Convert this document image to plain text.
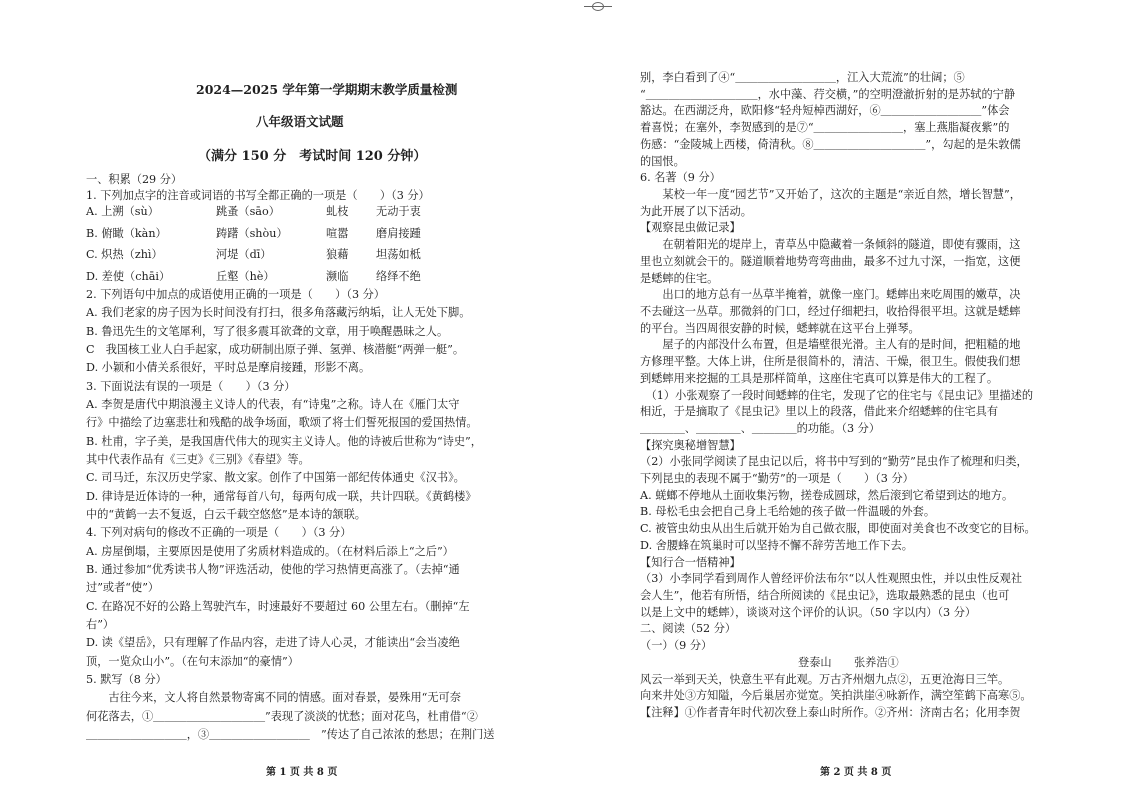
2024—2025 学年第一学期期末教学质量检测
八年级语文试题
（满分 150 分　考试时间 120 分钟）
一、积累（29 分）
1. 下列加点字的注音或词语的书写全都正确的一项是（　　）（3 分）
A. 上溯（sù）	跳蚤（sāo）	虬枝 无动于衷
B. 俯瞰（kàn）	踌躇（shòu）	喧嚣 磨肩接踵
C. 炽热（zhì）	河堤（dī）	狼藉 坦荡如柢
D. 差使（chāi）	丘壑（hè）	濒临 络绎不绝
2. 下列语句中加点的成语使用正确的一项是（　　）（3 分）
A. 我们老家的房子因为长时间没有打扫，很多角落藏污纳垢，让人无处下脚。
B. 鲁迅先生的文笔犀利，写了很多震耳欲聋的文章，用于唤醒愚昧之人。
C　我国核工业人白手起家，成功研制出原子弹、氢弹、核潜艇“两弹一艇”。
D. 小颖和小倩关系很好，平时总是摩肩接踵，形影不离。
3. 下面说法有误的一项是（　　）（3 分）
A. 李贺是唐代中期浪漫主义诗人的代表，有“诗鬼”之称。诗人在《雁门太守
行》中描绘了边塞悲壮和残酷的战争场面，歌颂了将士们誓死报国的爱国热情。
B. 杜甫，字子美，是我国唐代伟大的现实主义诗人。他的诗被后世称为“诗史”，
其中代表作品有《三吏》《三别》《春望》等。
C. 司马迁，东汉历史学家、散文家。创作了中国第一部纪传体通史《汉书》。
D. 律诗是近体诗的一种，通常每首八句，每两句成一联，共计四联。《黄鹤楼》
中的“黄鹤一去不复返，白云千载空悠悠”是本诗的颔联。
4. 下列对病句的修改不正确的一项是（　　）（3 分）
A. 房屋倒塌，主要原因是使用了劣质材料造成的。（在材料后添上“之后”）
B. 通过参加“优秀读书人物”评选活动，使他的学习热情更高涨了。（去掉“通
过”或者“使”）
C. 在路况不好的公路上驾驶汽车，时速最好不要超过 60 公里左右。（删掉“左
右”）
D. 读《望岳》，只有理解了作品内容，走进了诗人心灵，才能读出“会当凌绝
顶，一览众山小”。（在句末添加“的豪情”）
5. 默写（8 分）
　　古往今来，文人将自然景物寄寓不同的情感。面对春景，晏殊用“无可奈
何花落去，①＿＿＿＿＿＿＿＿＿＿”表现了淡淡的忧愁；面对花鸟，杜甫借“②
＿＿＿＿＿＿＿＿＿，③＿＿＿＿＿＿＿＿＿　”传达了自己浓浓的愁思；在荆门送
第 1 页 共 8 页
别，李白看到了④“＿＿＿＿＿＿＿＿＿，江入大荒流”的壮阔；⑤
“＿＿＿＿＿＿＿＿＿＿，水中藻、荇交横，”的空明澄澈折射的是苏轼的宁静
豁达。在西湖泛舟，欧阳修“轻舟短棹西湖好，⑥＿＿＿＿＿＿＿＿＿”体会
着喜悦；在塞外，李贺感到的是⑦“＿＿＿＿＿＿＿＿，塞上燕脂凝夜紫”的
伤感：“金陵城上西楼，倚清秋。⑧＿＿＿＿＿＿＿＿＿＿”，勾起的是朱敦儒
的国恨。
6. 名著（9 分）
　　某校一年一度“园艺节”又开始了，这次的主题是“亲近自然，增长智慧”，
为此开展了以下活动。
【观察昆虫做记录】
　　在朝着阳光的堤岸上，青草丛中隐藏着一条倾斜的隧道，即使有骤雨，这
里也立刻就会干的。隧道顺着地势弯弯曲曲，最多不过九寸深，一指宽，这便
是蟋蟀的住宅。
　　出口的地方总有一丛草半掩着，就像一座门。蟋蟀出来吃周围的嫩草，决
不去碰这一丛草。那微斜的门口，经过仔细耙扫，收拾得很平坦。这就是蟋蟀
的平台。当四周很安静的时候，蟋蟀就在这平台上弹琴。
　　屋子的内部没什么布置，但是墙壁很光滑。主人有的是时间，把粗糙的地
方修理平整。大体上讲，住所是很简朴的，清洁、干燥，很卫生。假使我们想
到蟋蟀用来挖掘的工具是那样简单，这座住宅真可以算是伟大的工程了。
　（1）小张观察了一段时间蟋蟀的住宅，发现了它的住宅与《昆虫记》里描述的
相近，于是摘取了《昆虫记》里以上的段落，借此来介绍蟋蟀的住宅具有
＿＿＿＿、＿＿＿＿、＿＿＿＿的功能。（3 分）
【探究奥秘增智慧】
（2）小张同学阅读了昆虫记以后，将书中写到的“勤劳”昆虫作了梳理和归类，
下列昆虫的表现不属于“勤劳”的一项是（　　）（3 分）
A. 蜣螂不停地从土面收集污物，搓卷成圆球，然后滚到它希望到达的地方。
B. 母松毛虫会把自己身上毛给她的孩子做一件温暖的外套。
C. 被管虫幼虫从出生后就开始为自己做衣服，即使面对美食也不改变它的目标。
D. 舍腰蜂在筑巢时可以坚持不懈不辞劳苦地工作下去。
【知行合一悟精神】
（3）小李同学看到周作人曾经评价法布尔“以人性观照虫性，并以虫性反观社
会人生”，他若有所悟，结合所阅读的《昆虫记》，选取最熟悉的昆虫（也可
以是上文中的蟋蟀），谈谈对这个评价的认识。（50 字以内）（3 分）
二、阅读（52 分）
（一）（9 分）
登泰山　　张养浩①
风云一举到天关，快意生平有此观。万古齐州烟九点②，五更沧海日三竿。
向来井处③方知隘，今后巢居亦觉宽。笑拍洪崖④咏新作，满空笙鹤下高寒⑤。
【注释】①作者青年时代初次登上泰山时所作。②齐州：济南古名；化用李贺
第 2 页 共 8 页
